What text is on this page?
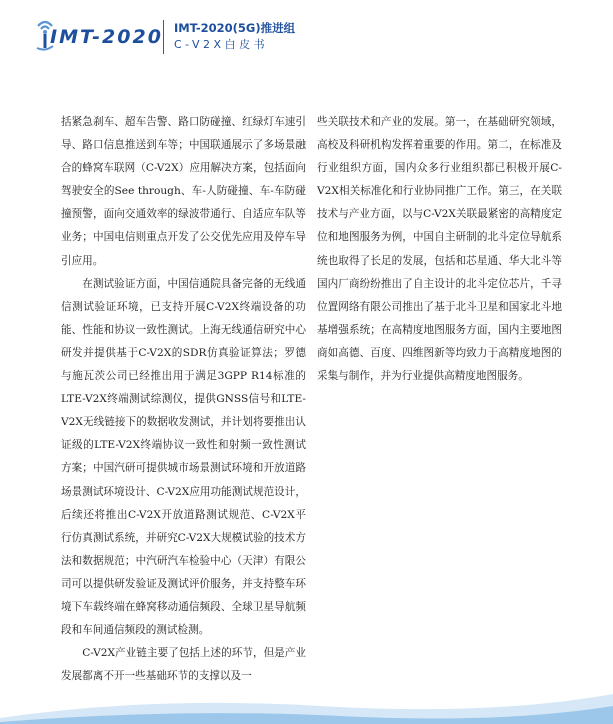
IMT-2020 IMT-2020(5G)推进组
C-V2X白皮书

括紧急刹车、超车告警、路口防碰撞、红绿灯车速引导、路口信息推送到车等；中国联通展示了多场景融合的蜂窝车联网（C-V2X）应用解决方案，包括面向驾驶安全的See through、车-人防碰撞、车-车防碰撞预警，面向交通效率的绿波带通行、自适应车队等业务；中国电信则重点开发了公交优先应用及停车导引应用。

在测试验证方面，中国信通院具备完备的无线通信测试验证环境，已支持开展C-V2X终端设备的功能、性能和协议一致性测试。上海无线通信研究中心研发并提供基于C-V2X的SDR仿真验证算法；罗德与施瓦茨公司已经推出用于满足3GPP R14标准的LTE-V2X终端测试综测仪，提供GNSS信号和LTE-V2X无线链接下的数据收发测试，并计划将要推出认证级的LTE-V2X终端协议一致性和射频一致性测试方案；中国汽研可提供城市场景测试环境和开放道路场景测试环境设计、C-V2X应用功能测试规范设计，后续还将推出C-V2X开放道路测试规范、C-V2X平行仿真测试系统，并研究C-V2X大规模试验的技术方法和数据规范；中汽研汽车检验中心（天津）有限公司可以提供研发验证及测试评价服务，并支持整车环境下车载终端在蜂窝移动通信频段、全球卫星导航频段和车间通信频段的测试检测。

C-V2X产业链主要了包括上述的环节，但是产业发展都离不开一些基础环节的支撑以及一

些关联技术和产业的发展。第一，在基础研究领域，高校及科研机构发挥着重要的作用。第二，在标准及行业组织方面，国内众多行业组织都已积极开展C-V2X相关标准化和行业协同推广工作。第三，在关联技术与产业方面，以与C-V2X关联最紧密的高精度定位和地图服务为例，中国自主研制的北斗定位导航系统也取得了长足的发展，包括和芯星通、华大北斗等国内厂商纷纷推出了自主设计的北斗定位芯片，千寻位置网络有限公司推出了基于北斗卫星和国家北斗地基增强系统；在高精度地图服务方面，国内主要地图商如高德、百度、四维图新等均致力于高精度地图的采集与制作，并为行业提供高精度地图服务。
